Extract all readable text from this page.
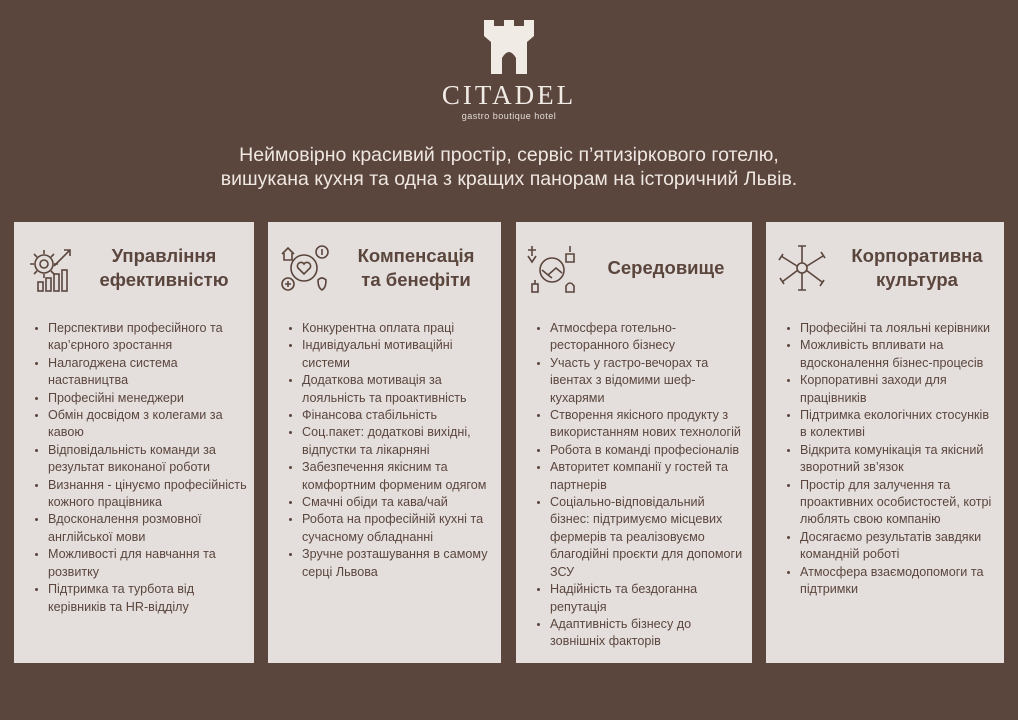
CITADEL
gastro boutique hotel
Неймовірно красивий простір, сервіс п’ятизіркового готелю,
вишукана кухня та одна з кращих панорам на історичний Львів.
Управління
ефективністю
• Перспективи професійного та кар’єрного зростання
• Налагоджена система наставництва
• Професійні менеджери
• Обмін досвідом з колегами за кавою
• Відповідальність команди за результат виконаної роботи
• Визнання - цінуємо професійність кожного працівника
• Вдосконалення розмовної англійської мови
• Можливості для навчання та розвитку
• Підтримка та турбота від керівників та HR-відділу
Компенсація
та бенефіти
• Конкурентна оплата праці
• Індивідуальні мотиваційні системи
• Додаткова мотивація за лояльність та проактивність
• Фінансова стабільність
• Соц.пакет: додаткові вихідні, відпустки та лікарняні
• Забезпечення якісним та комфортним форменим одягом
• Смачні обіди та кава/чай
• Робота на професійній кухні та сучасному обладнанні
• Зручне розташування в самому серці Львова
Середовище
• Атмосфера готельно-ресторанного бізнесу
• Участь у гастро-вечорах та івентах з відомими шеф-кухарями
• Створення якісного продукту з використанням нових технологій
• Робота в команді професіоналів
• Авторитет компанії у гостей та партнерів
• Соціально-відповідальний бізнес: підтримуємо місцевих фермерів та реалізовуємо благодійні проєкти для допомоги ЗСУ
• Надійність та бездоганна репутація
• Адаптивність бізнесу до зовнішніх факторів
Корпоративна
культура
• Професійні та лояльні керівники
• Можливість впливати на вдосконалення бізнес-процесів
• Корпоративні заходи для працівників
• Підтримка екологічних стосунків в колективі
• Відкрита комунікація та якісний зворотний зв’язок
• Простір для залучення та проактивних особистостей, котрі люблять свою компанію
• Досягаємо результатів завдяки командній роботі
• Атмосфера взаємодопомоги та підтримки
